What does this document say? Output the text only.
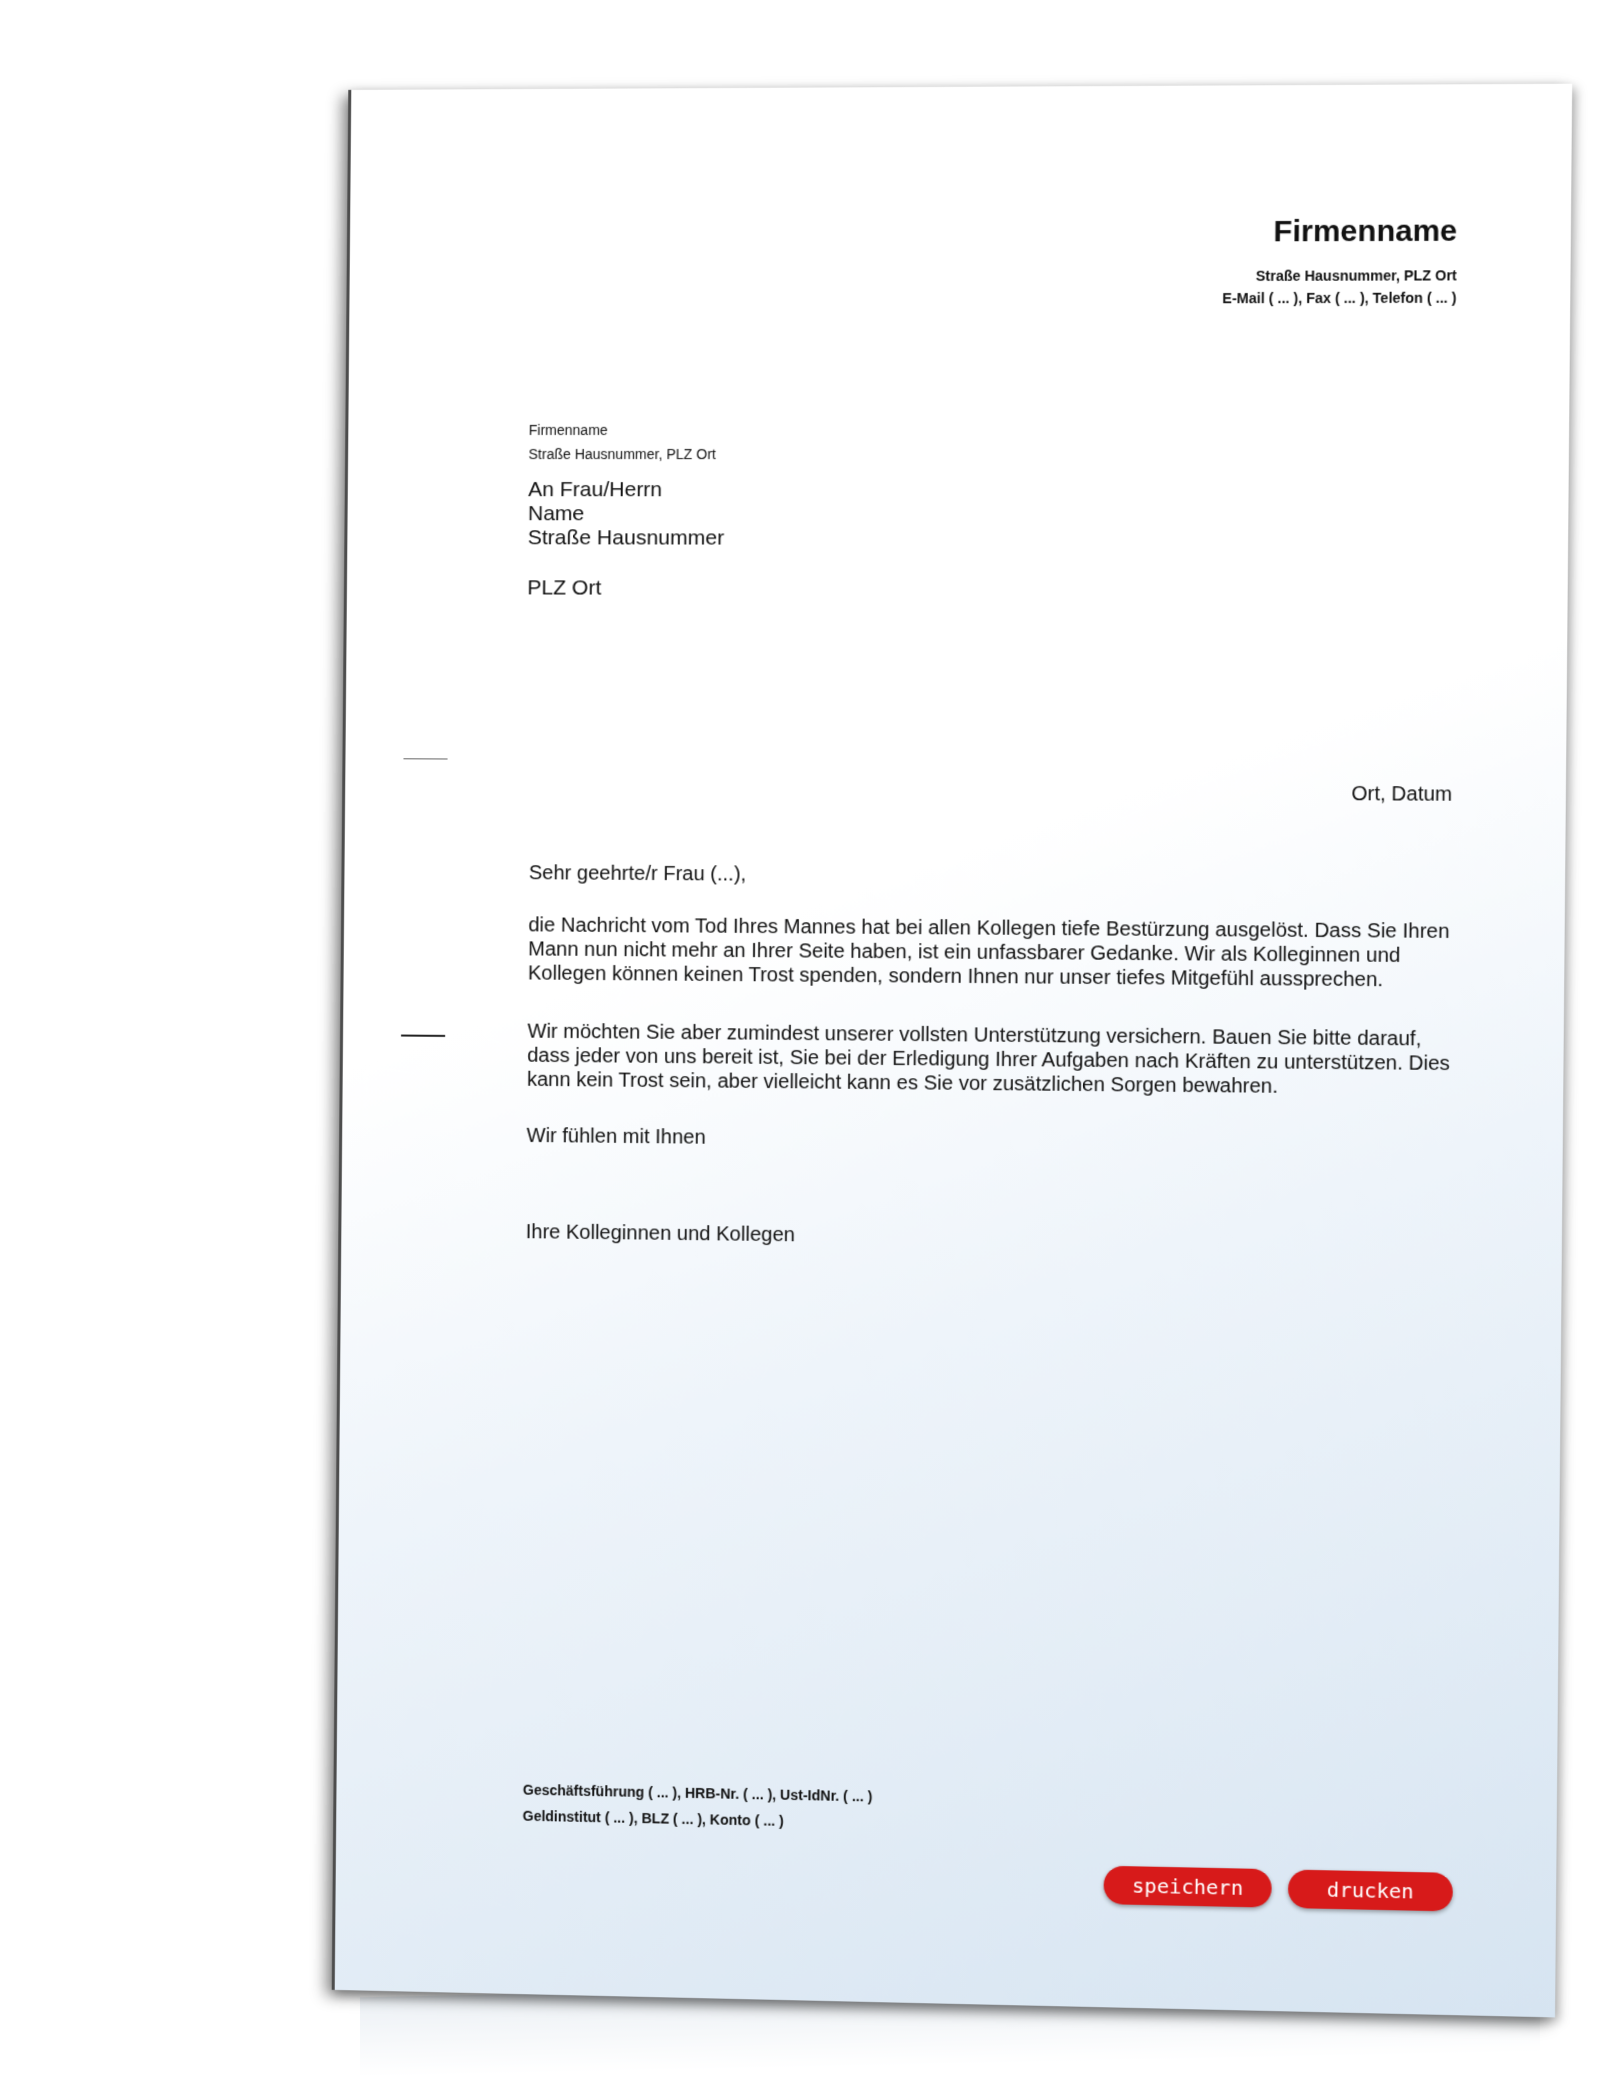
Firmenname
Straße Hausnummer, PLZ Ort
E-Mail ( ... ), Fax ( ... ), Telefon ( ... )
Firmenname
Straße Hausnummer, PLZ Ort
An Frau/Herrn
Name
Straße Hausnummer
PLZ Ort
Ort, Datum
Sehr geehrte/r Frau (...),
die Nachricht vom Tod Ihres Mannes hat bei allen Kollegen tiefe Bestürzung ausgelöst. Dass Sie Ihren Mann nun nicht mehr an Ihrer Seite haben, ist ein unfassbarer Gedanke. Wir als Kolleginnen und Kollegen können keinen Trost spenden, sondern Ihnen nur unser tiefes Mitgefühl aussprechen.
Wir möchten Sie aber zumindest unserer vollsten Unterstützung versichern. Bauen Sie bitte darauf, dass jeder von uns bereit ist, Sie bei der Erledigung Ihrer Aufgaben nach Kräften zu unterstützen. Dies kann kein Trost sein, aber vielleicht kann es Sie vor zusätzlichen Sorgen bewahren.
Wir fühlen mit Ihnen
Ihre Kolleginnen und Kollegen
Geschäftsführung ( ... ), HRB-Nr. ( ... ), Ust-IdNr. ( ... )
Geldinstitut ( ... ), BLZ ( ... ), Konto ( ... )
speichern	drucken
